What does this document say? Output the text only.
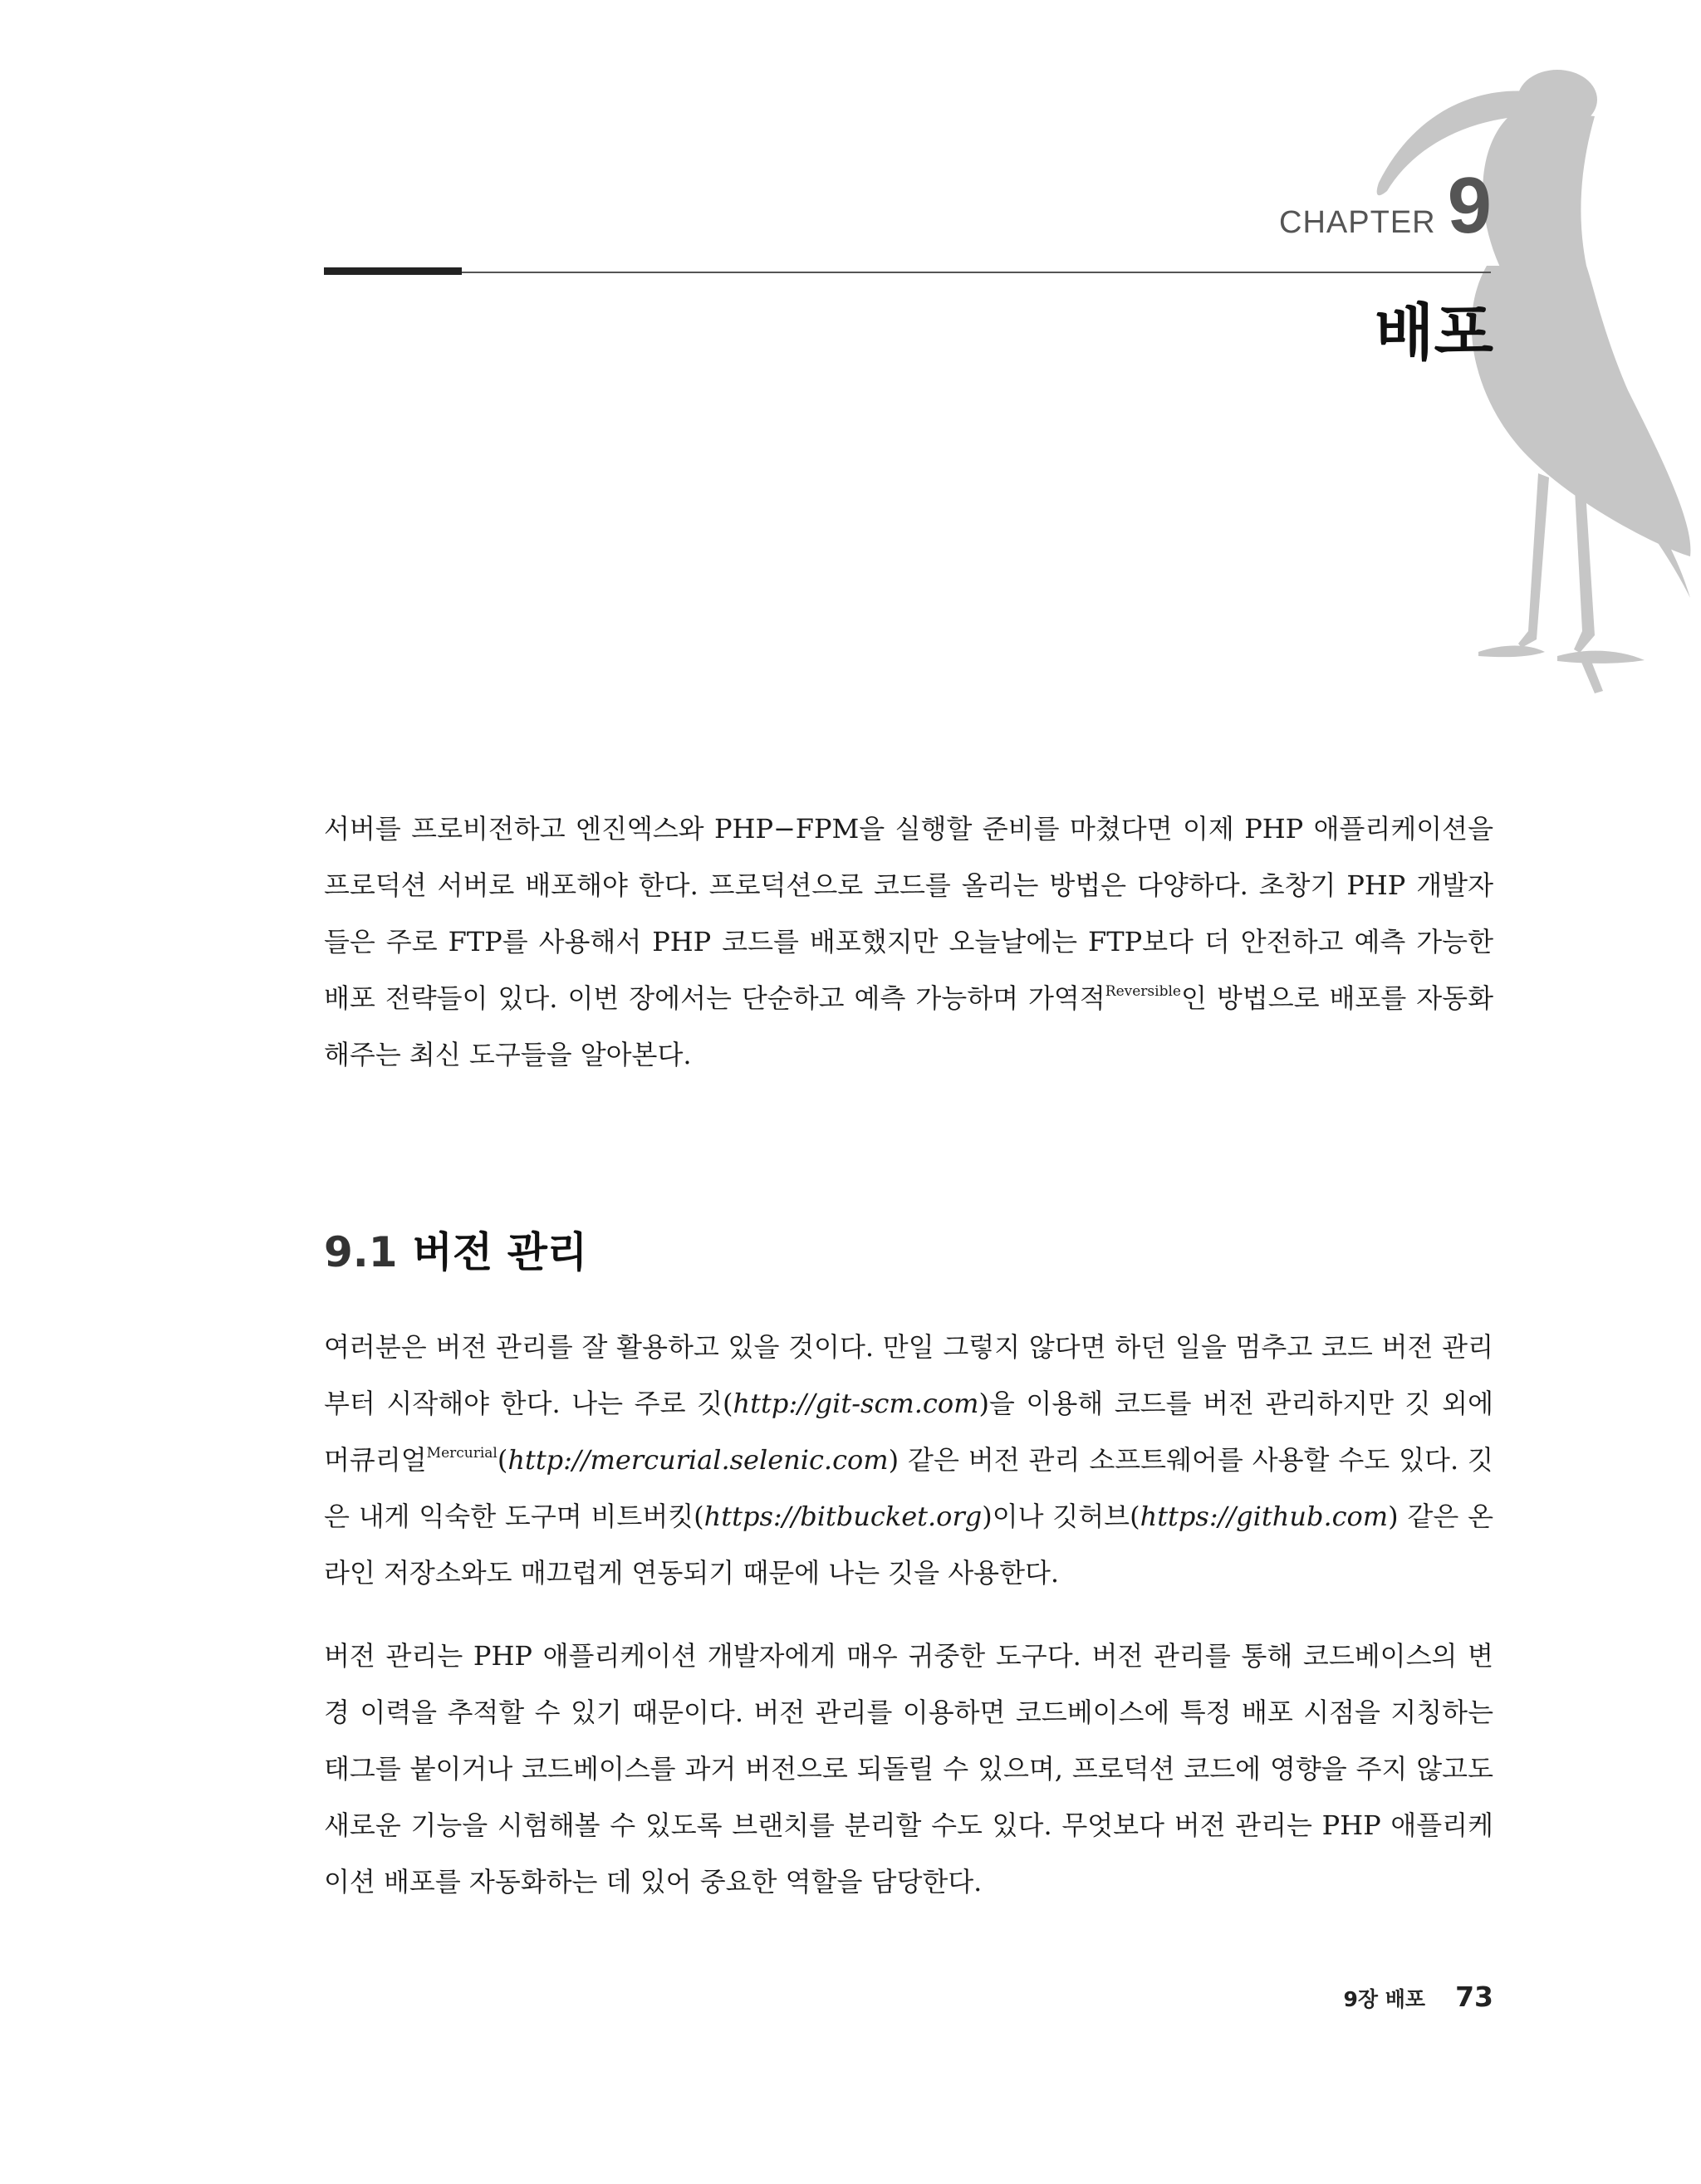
CHAPTER 9
배포

서버를 프로비전하고 엔진엑스와 PHP−FPM을 실행할 준비를 마쳤다면 이제 PHP 애플리케이션을 프로덕션 서버로 배포해야 한다. 프로덕션으로 코드를 올리는 방법은 다양하다. 초창기 PHP 개발자들은 주로 FTP를 사용해서 PHP 코드를 배포했지만 오늘날에는 FTP보다 더 안전하고 예측 가능한 배포 전략들이 있다. 이번 장에서는 단순하고 예측 가능하며 가역적$^{Reversible}$인 방법으로 배포를 자동화해주는 최신 도구들을 알아본다.

9.1 버전 관리

여러분은 버전 관리를 잘 활용하고 있을 것이다. 만일 그렇지 않다면 하던 일을 멈추고 코드 버전 관리부터 시작해야 한다. 나는 주로 깃(http://git-scm.com)을 이용해 코드를 버전 관리하지만 깃 외에 머큐리얼$^{Mercurial}$(http://mercurial.selenic.com) 같은 버전 관리 소프트웨어를 사용할 수도 있다. 깃은 내게 익숙한 도구며 비트버킷(https://bitbucket.org)이나 깃허브(https://github.com) 같은 온라인 저장소와도 매끄럽게 연동되기 때문에 나는 깃을 사용한다.

버전 관리는 PHP 애플리케이션 개발자에게 매우 귀중한 도구다. 버전 관리를 통해 코드베이스의 변경 이력을 추적할 수 있기 때문이다. 버전 관리를 이용하면 코드베이스에 특정 배포 시점을 지칭하는 태그를 붙이거나 코드베이스를 과거 버전으로 되돌릴 수 있으며, 프로덕션 코드에 영향을 주지 않고도 새로운 기능을 시험해볼 수 있도록 브랜치를 분리할 수도 있다. 무엇보다 버전 관리는 PHP 애플리케이션 배포를 자동화하는 데 있어 중요한 역할을 담당한다.

9장 배포 73
